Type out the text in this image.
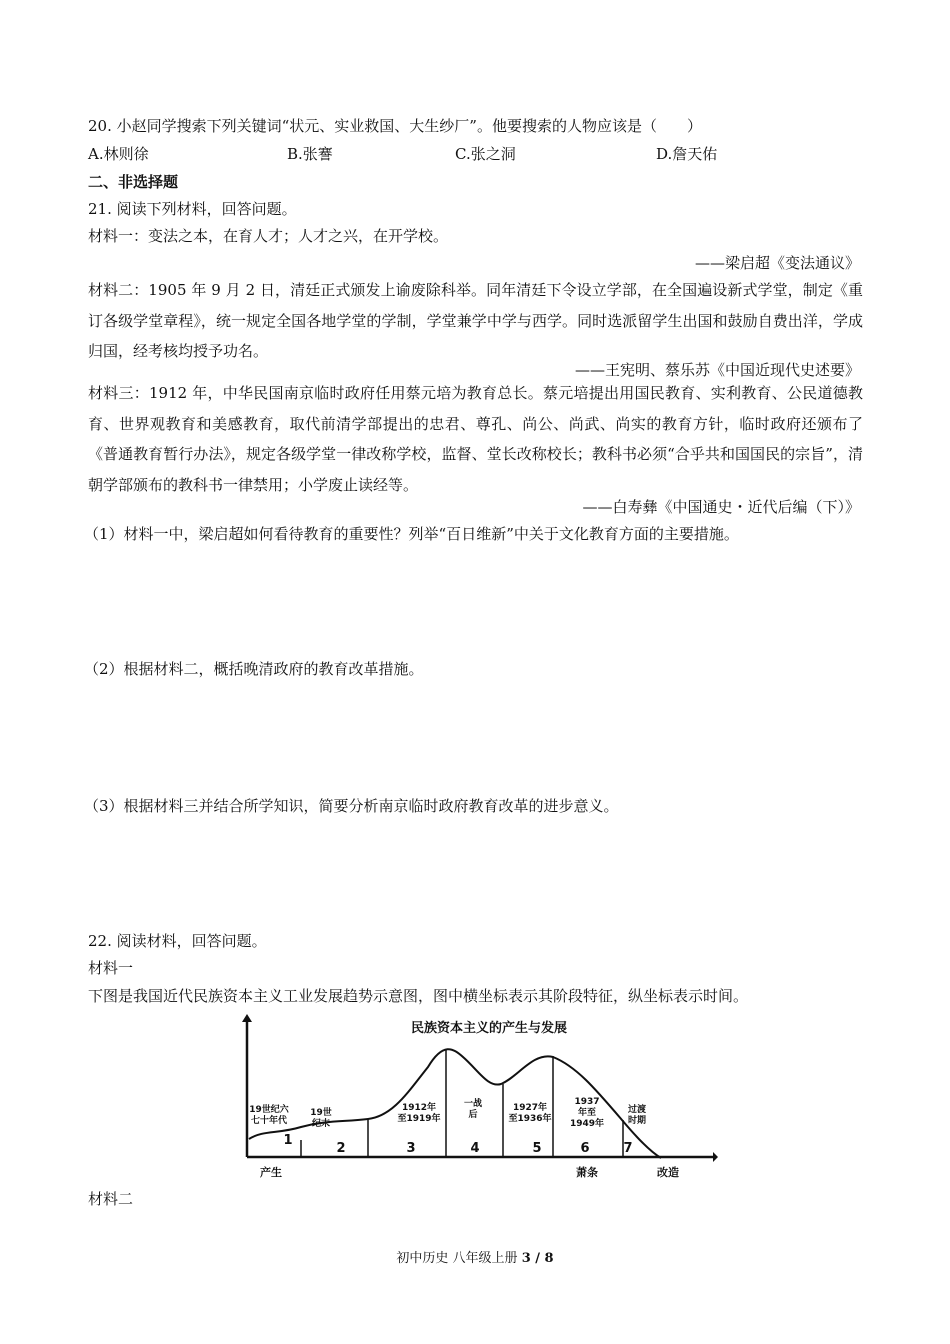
20. 小赵同学搜索下列关键词“状元、实业救国、大生纱厂”。他要搜索的人物应该是（　　）
A.林则徐	B.张謇	C.张之洞	D.詹天佑
二、非选择题
21. 阅读下列材料，回答问题。
材料一：变法之本，在育人才；人才之兴，在开学校。
——梁启超《变法通议》
材料二：1905 年 9 月 2 日，清廷正式颁发上谕废除科举。同年清廷下令设立学部，在全国遍设新式学堂，制定《重订各级学堂章程》，统一规定全国各地学堂的学制，学堂兼学中学与西学。同时选派留学生出国和鼓励自费出洋，学成归国，经考核均授予功名。
——王宪明、蔡乐苏《中国近现代史述要》
材料三：1912 年，中华民国南京临时政府任用蔡元培为教育总长。蔡元培提出用国民教育、实利教育、公民道德教育、世界观教育和美感教育，取代前清学部提出的忠君、尊孔、尚公、尚武、尚实的教育方针，临时政府还颁布了《普通教育暂行办法》，规定各级学堂一律改称学校，监督、堂长改称校长；教科书必须“合乎共和国国民的宗旨”，清朝学部颁布的教科书一律禁用；小学废止读经等。
——白寿彝《中国通史・近代后编（下）》
（1）材料一中，梁启超如何看待教育的重要性？列举“百日维新”中关于文化教育方面的主要措施。
（2）根据材料二，概括晚清政府的教育改革措施。
（3）根据材料三并结合所学知识，简要分析南京临时政府教育改革的进步意义。
22. 阅读材料，回答问题。
材料一
下图是我国近代民族资本主义工业发展趋势示意图，图中横坐标表示其阶段特征，纵坐标表示时间。
民族资本主义的产生与发展
19世纪六
七十年代
1
19世
纪末
2
1912年
至1919年
3
一战
后
4
1927年
至1936年
5
1937
年至
1949年
6
过渡
时期
7
产生	萧条	改造
材料二
初中历史 八年级上册 3 / 8
